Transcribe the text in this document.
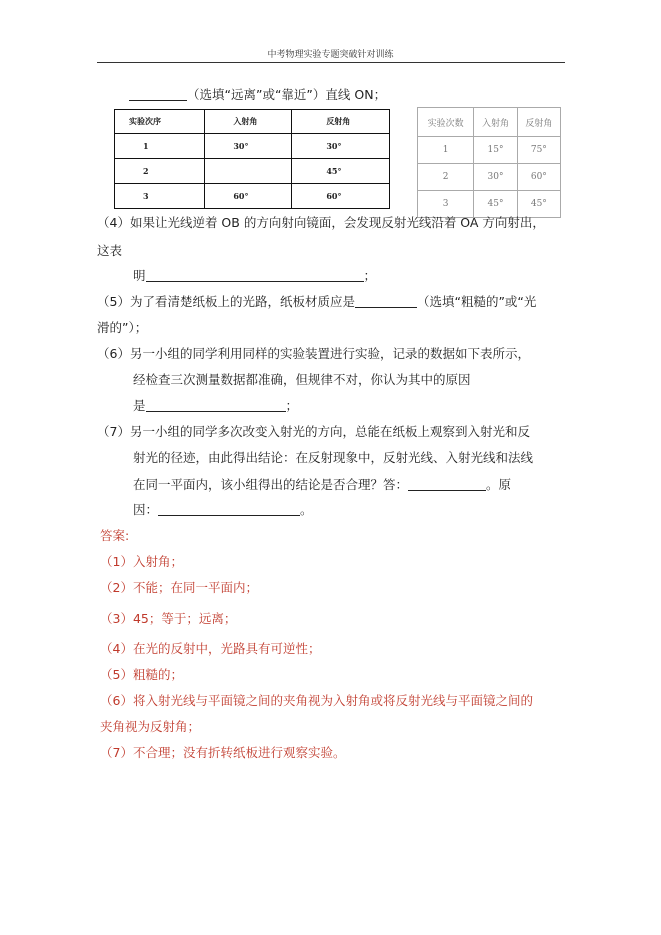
中考物理实验专题突破针对训练
（选填“远离”或“靠近”）直线 ON；
实验次序	入射角	反射角
1	30°	30°
2		45°
3	60°	60°
实验次数	入射角	反射角
1	15°	75°
2	30°	60°
3	45°	45°
（4）如果让光线逆着 OB 的方向射向镜面，会发现反射光线沿着 OA 方向射出，
这表
明	；
（5）为了看清楚纸板上的光路，纸板材质应是	（选填“粗糙的”或“光
滑的”）；
（6）另一小组的同学利用同样的实验装置进行实验，记录的数据如下表所示，
经检查三次测量数据都准确，但规律不对，你认为其中的原因
是	；
（7）另一小组的同学多次改变入射光的方向，总能在纸板上观察到入射光和反
射光的径迹，由此得出结论：在反射现象中，反射光线、入射光线和法线
在同一平面内，该小组得出的结论是否合理？答：	。原
因：	。
答案:
（1）入射角；
（2）不能；在同一平面内；
（3）45；等于；远离；
（4）在光的反射中，光路具有可逆性；
（5）粗糙的；
（6）将入射光线与平面镜之间的夹角视为入射角或将反射光线与平面镜之间的
夹角视为反射角；
（7）不合理；没有折转纸板进行观察实验。
